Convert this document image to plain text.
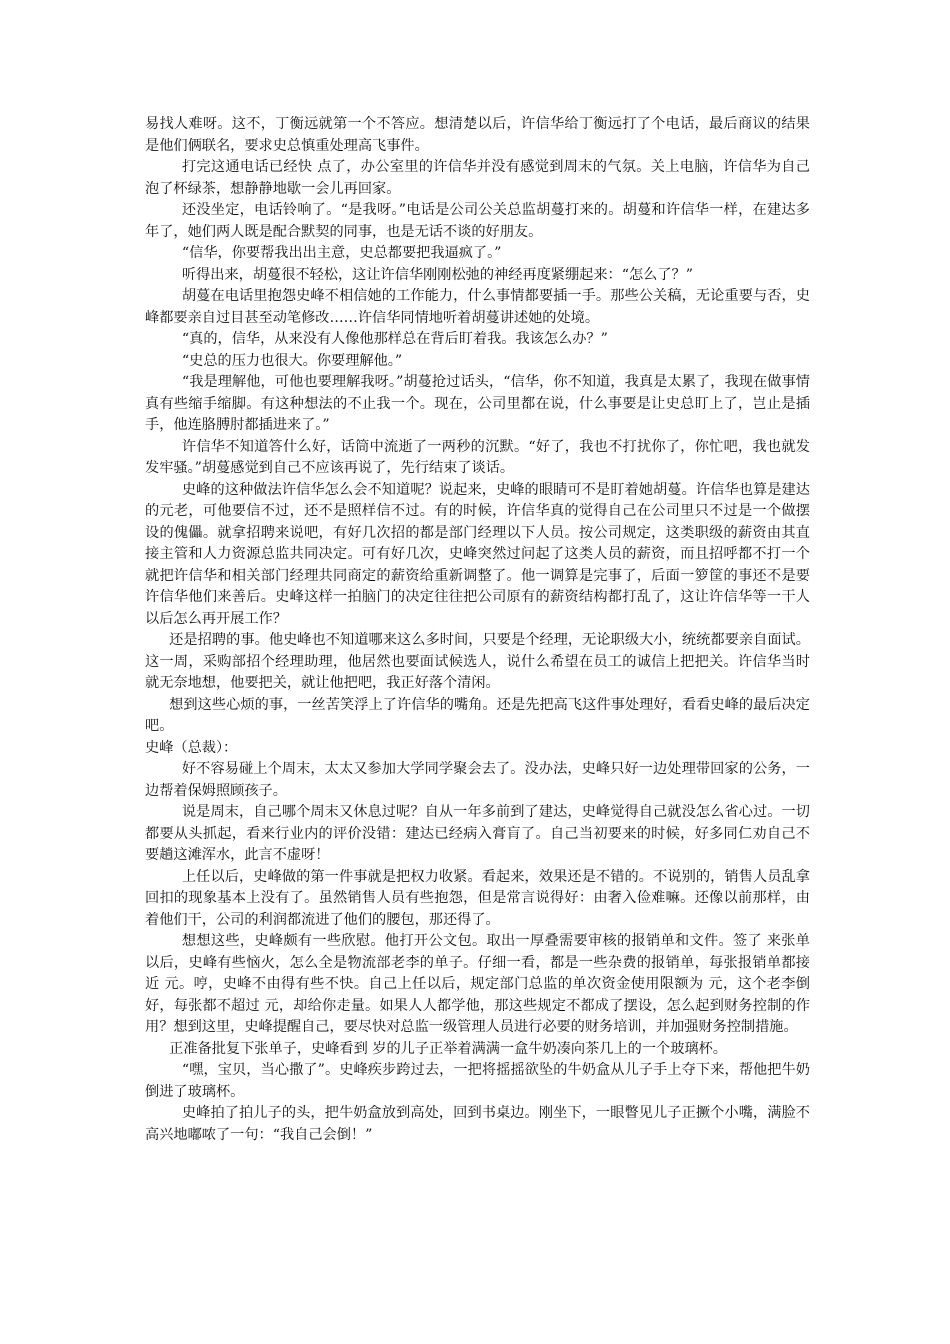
易找人难呀。这不，丁衡远就第一个不答应。想清楚以后，许信华给丁衡远打了个电话，最后商议的结果是他们俩联名，要求史总慎重处理高飞事件。

打完这通电话已经快 点了，办公室里的许信华并没有感觉到周末的气氛。关上电脑，许信华为自己泡了杯绿茶，想静静地歇一会儿再回家。

还没坐定，电话铃响了。“是我呀。”电话是公司公关总监胡蔓打来的。胡蔓和许信华一样，在建达多年了，她们两人既是配合默契的同事，也是无话不谈的好朋友。

“信华，你要帮我出出主意，史总都要把我逼疯了。”

听得出来，胡蔓很不轻松，这让许信华刚刚松弛的神经再度紧绷起来：“怎么了？”

胡蔓在电话里抱怨史峰不相信她的工作能力，什么事情都要插一手。那些公关稿，无论重要与否，史峰都要亲自过目甚至动笔修改……许信华同情地听着胡蔓讲述她的处境。

“真的，信华，从来没有人像他那样总在背后盯着我。我该怎么办？”

“史总的压力也很大。你要理解他。”

“我是理解他，可他也要理解我呀。”胡蔓抢过话头，“信华，你不知道，我真是太累了，我现在做事情真有些缩手缩脚。有这种想法的不止我一个。现在，公司里都在说，什么事要是让史总盯上了，岂止是插手，他连胳膊肘都插进来了。”

许信华不知道答什么好，话筒中流逝了一两秒的沉默。“好了，我也不打扰你了，你忙吧，我也就发发牢骚。”胡蔓感觉到自己不应该再说了，先行结束了谈话。

史峰的这种做法许信华怎么会不知道呢？说起来，史峰的眼睛可不是盯着她胡蔓。许信华也算是建达的元老，可他要信不过，还不是照样信不过。有的时候，许信华真的觉得自己在公司里只不过是一个做摆设的傀儡。就拿招聘来说吧，有好几次招的都是部门经理以下人员。按公司规定，这类职级的薪资由其直接主管和人力资源总监共同决定。可有好几次，史峰突然过问起了这类人员的薪资，而且招呼都不打一个就把许信华和相关部门经理共同商定的薪资给重新调整了。他一调算是完事了，后面一箩筐的事还不是要许信华他们来善后。史峰这样一拍脑门的决定往往把公司原有的薪资结构都打乱了，这让许信华等一干人以后怎么再开展工作？

还是招聘的事。他史峰也不知道哪来这么多时间，只要是个经理，无论职级大小，统统都要亲自面试。这一周，采购部招个经理助理，他居然也要面试候选人，说什么希望在员工的诚信上把把关。许信华当时就无奈地想，他要把关，就让他把吧，我正好落个清闲。

想到这些心烦的事，一丝苦笑浮上了许信华的嘴角。还是先把高飞这件事处理好，看看史峰的最后决定吧。

史峰（总裁）：

好不容易碰上个周末，太太又参加大学同学聚会去了。没办法，史峰只好一边处理带回家的公务，一边帮着保姆照顾孩子。

说是周末，自己哪个周末又休息过呢？自从一年多前到了建达，史峰觉得自己就没怎么省心过。一切都要从头抓起，看来行业内的评价没错：建达已经病入膏肓了。自己当初要来的时候，好多同仁劝自己不要趟这滩浑水，此言不虚呀！

上任以后，史峰做的第一件事就是把权力收紧。看起来，效果还是不错的。不说别的，销售人员乱拿回扣的现象基本上没有了。虽然销售人员有些抱怨，但是常言说得好：由奢入俭难嘛。还像以前那样，由着他们干，公司的利润都流进了他们的腰包，那还得了。

想想这些，史峰颇有一些欣慰。他打开公文包。取出一厚叠需要审核的报销单和文件。签了 来张单以后，史峰有些恼火，怎么全是物流部老李的单子。仔细一看，都是一些杂费的报销单，每张报销单都接近 元。哼，史峰不由得有些不快。自己上任以后，规定部门总监的单次资金使用限额为 元，这个老李倒好，每张都不超过 元，却给你走量。如果人人都学他，那这些规定不都成了摆设，怎么起到财务控制的作用？想到这里，史峰提醒自己，要尽快对总监一级管理人员进行必要的财务培训，并加强财务控制措施。

正准备批复下张单子，史峰看到 岁的儿子正举着满满一盒牛奶凑向茶几上的一个玻璃杯。

“嘿，宝贝，当心撒了”。史峰疾步跨过去，一把将摇摇欲坠的牛奶盒从儿子手上夺下来，帮他把牛奶倒进了玻璃杯。

史峰拍了拍儿子的头，把牛奶盒放到高处，回到书桌边。刚坐下，一眼瞥见儿子正撅个小嘴，满脸不高兴地嘟哝了一句：“我自己会倒！”
